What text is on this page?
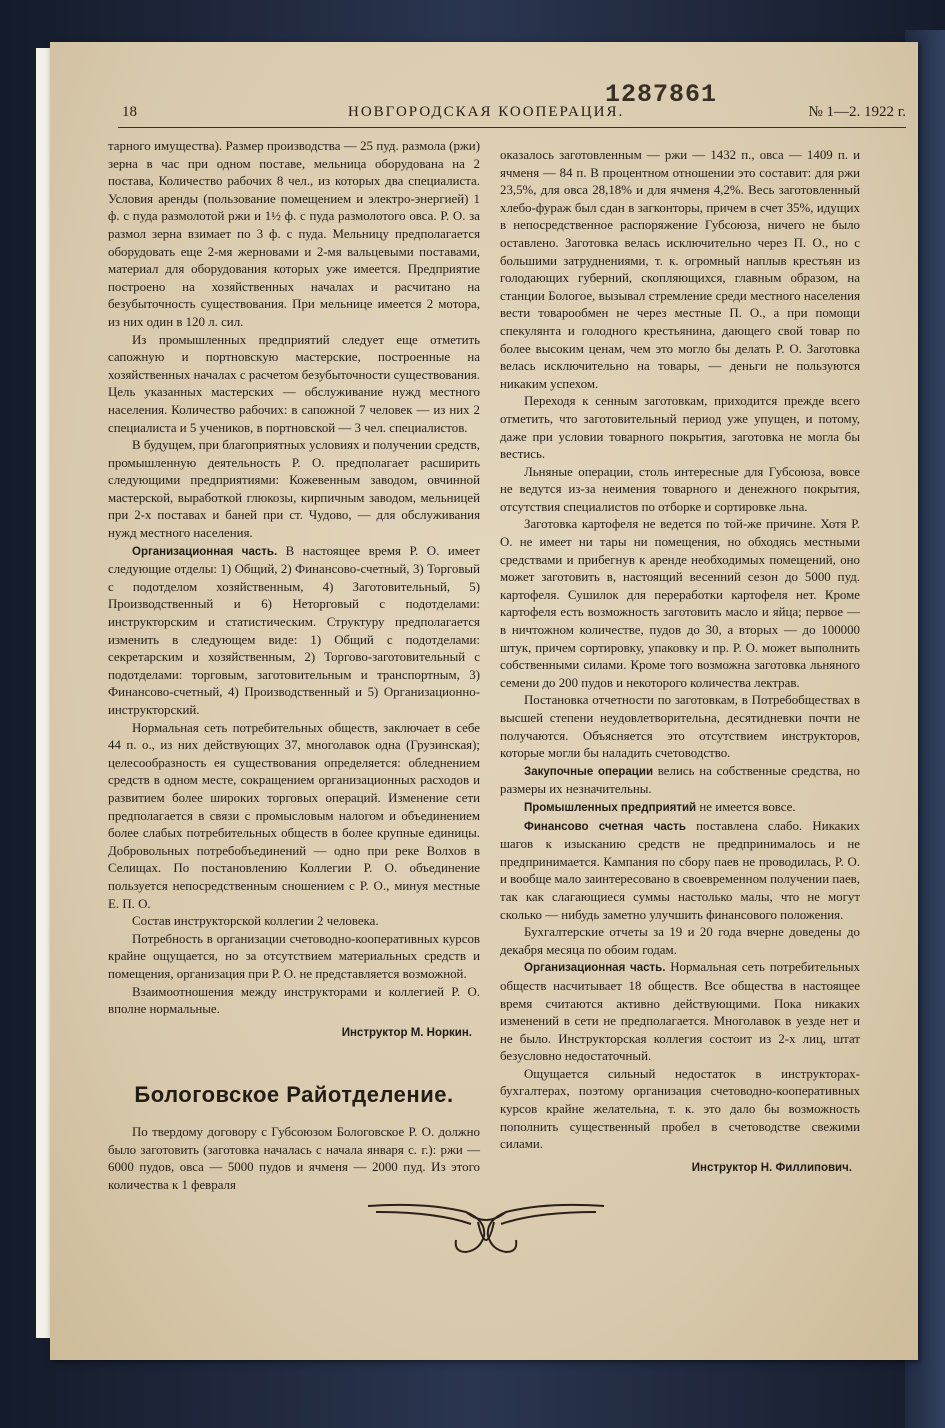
1287861
18	НОВГОРОДСКАЯ КООПЕРАЦИЯ.	№ 1—2. 1922 г.

тарного имущества). Размер производства — 25 пуд. размола (ржи) зерна в час при одном поставе, мельница оборудована на 2 постава, Количество рабочих 8 чел., из которых два специалиста. Условия аренды (пользование помещением и электро-энергией) 1 ф. с пуда размолотой ржи и 1½ ф. с пуда размолотого овса. Р. О. за размол зерна взимает по 3 ф. с пуда. Мельницу предполагается оборудовать еще 2-мя жерновами и 2-мя вальцевыми поставами, материал для оборудования которых уже имеется. Предприятие построено на хозяйственных началах и расчитано на безубыточность существования. При мельнице имеется 2 мотора, из них один в 120 л. сил.

Из промышленных предприятий следует еще отметить сапожную и портновскую мастерские, построенные на хозяйственных началах с расчетом безубыточности существования. Цель указанных мастерских — обслуживание нужд местного населения. Количество рабочих: в сапожной 7 человек — из них 2 специалиста и 5 учеников, в портновской — 3 чел. специалистов.

В будущем, при благоприятных условиях и получении средств, промышленную деятельность Р. О. предполагает расширить следующими предприятиями: Кожевенным заводом, овчинной мастерской, выработкой глюкозы, кирпичным заводом, мельницей при 2-х поставах и баней при ст. Чудово, — для обслуживания нужд местного населения.

Организационная часть. В настоящее время Р. О. имеет следующие отделы: 1) Общий, 2) Финансово-счетный, 3) Торговый с подотделом хозяйственным, 4) Заготовительный, 5) Производственный и 6) Неторговый с подотделами: инструкторским и статистическим. Структуру предполагается изменить в следующем виде: 1) Общий с подотделами: секретарским и хозяйственным, 2) Торгово-заготовительный с подотделами: торговым, заготовительным и транспортным, 3) Финансово-счетный, 4) Производственный и 5) Организационно-инструкторский.

Нормальная сеть потребительных обществ, заключает в себе 44 п. о., из них действующих 37, многолавок одна (Грузинская); целесообразность ея существования определяется: обледнением средств в одном месте, сокращением организационных расходов и развитием более широких торговых операций. Изменение сети предполагается в связи с промысловым налогом и объединением более слабых потребительных обществ в более крупные единицы. Добровольных потребобъединений — одно при реке Волхов в Селищах. По постановлению Коллегии Р. О. объединение пользуется непосредственным сношением с Р. О., минуя местные Е. П. О.

Состав инструкторской коллегии 2 человека.

Потребность в организации счетоводно-кооперативных курсов крайне ощущается, но за отсутствием материальных средств и помещения, организация при Р. О. не представляется возможной.

Взаимоотношения между инструкторами и коллегией Р. О. вполне нормальные.

Инструктор М. Норкин.

Бологовское Райотделение.

По твердому договору с Губсоюзом Бологовское Р. О. должно было заготовить (заготовка началась с начала января с. г.): ржи — 6000 пудов, овса — 5000 пудов и ячменя — 2000 пуд. Из этого количества к 1 февраля

оказалось заготовленным — ржи — 1432 п., овса — 1409 п. и ячменя — 84 п. В процентном отношении это составит: для ржи 23,5%, для овса 28,18% и для ячменя 4,2%. Весь заготовленный хлебо-фураж был сдан в загконторы, причем в счет 35%, идущих в непосредственное распоряжение Губсоюза, ничего не было оставлено. Заготовка велась исключительно через П. О., но с большими затруднениями, т. к. огромный наплыв крестьян из голодающих губерний, скопляющихся, главным образом, на станции Бологое, вызывал стремление среди местного населения вести товарообмен не через местные П. О., а при помощи спекулянта и голодного крестьянина, дающего свой товар по более высоким ценам, чем это могло бы делать Р. О. Заготовка велась исключительно на товары, — деньги не пользуются никаким успехом.

Переходя к сенным заготовкам, приходится прежде всего отметить, что заготовительный период уже упущен, и потому, даже при условии товарного покрытия, заготовка не могла бы вестись.

Льняные операции, столь интересные для Губсоюза, вовсе не ведутся из-за неимения товарного и денежного покрытия, отсутствия специалистов по отборке и сортировке льна.

Заготовка картофеля не ведется по той-же причине. Хотя Р. О. не имеет ни тары ни помещения, но обходясь местными средствами и прибегнув к аренде необходимых помещений, оно может заготовить в, настоящий весенний сезон до 5000 пуд. картофеля. Сушилок для переработки картофеля нет. Кроме картофеля есть возможность заготовить масло и яйца; первое — в ничтожном количестве, пудов до 30, а вторых — до 100000 штук, причем сортировку, упаковку и пр. Р. О. может выполнить собственными силами. Кроме того возможна заготовка льняного семени до 200 пудов и некоторого количества лектрав.

Постановка отчетности по заготовкам, в Потребобществах в высшей степени неудовлетворительна, десятидневки почти не получаются. Объясняется это отсутствием инструкторов, которые могли бы наладить счетоводство.

Закупочные операции велись на собственные средства, но размеры их незначительны.

Промышленных предприятий не имеется вовсе.

Финансово счетная часть поставлена слабо. Никаких шагов к изысканию средств не предпринималось и не предпринимается. Кампания по сбору паев не проводилась, Р. О. и вообще мало заинтересовано в своевременном получении паев, так как слагающиеся суммы настолько малы, что не могут сколько — нибудь заметно улучшить финансового положения.

Бухгалтерские отчеты за 19 и 20 года вчерне доведены до декабря месяца по обоим годам.

Организационная часть. Нормальная сеть потребительных обществ насчитывает 18 обществ. Все общества в настоящее время считаются активно действующими. Пока никаких изменений в сети не предполагается. Многолавок в уезде нет и не было. Инструкторская коллегия состоит из 2-х лиц, штат безусловно недостаточный.

Ощущается сильный недостаток в инструкторах-бухгалтерах, поэтому организация счетоводно-кооперативных курсов крайне желательна, т. к. это дало бы возможность пополнить существенный пробел в счетоводстве свежими силами.

Инструктор Н. Филлипович.
